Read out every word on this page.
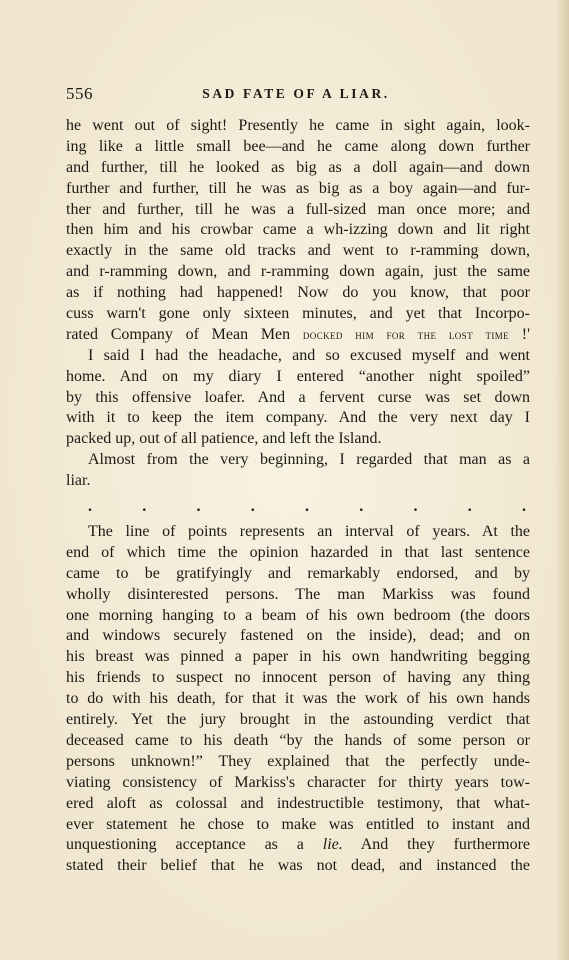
556	SAD FATE OF A LIAR.
he went out of sight! Presently he came in sight again, look-
ing like a little small bee—and he came along down further
and further, till he looked as big as a doll again—and down
further and further, till he was as big as a boy again—and fur-
ther and further, till he was a full-sized man once more; and
then him and his crowbar came a wh-izzing down and lit right
exactly in the same old tracks and went to r-ramming down,
and r-ramming down, and r-ramming down again, just the same
as if nothing had happened! Now do you know, that poor
cuss warn't gone only sixteen minutes, and yet that Incorpo-
rated Company of Mean Men docked him for the lost time !'
I said I had the headache, and so excused myself and went
home. And on my diary I entered “another night spoiled”
by this offensive loafer. And a fervent curse was set down
with it to keep the item company. And the very next day I
packed up, out of all patience, and left the Island.
Almost from the very beginning, I regarded that man as a
liar.
.	.	.	.	.	.	.	.	.
The line of points represents an interval of years. At the
end of which time the opinion hazarded in that last sentence
came to be gratifyingly and remarkably endorsed, and by
wholly disinterested persons. The man Markiss was found
one morning hanging to a beam of his own bedroom (the doors
and windows securely fastened on the inside), dead; and on
his breast was pinned a paper in his own handwriting begging
his friends to suspect no innocent person of having any thing
to do with his death, for that it was the work of his own hands
entirely. Yet the jury brought in the astounding verdict that
deceased came to his death “by the hands of some person or
persons unknown!” They explained that the perfectly unde-
viating consistency of Markiss's character for thirty years tow-
ered aloft as colossal and indestructible testimony, that what-
ever statement he chose to make was entitled to instant and
unquestioning acceptance as a lie. And they furthermore
stated their belief that he was not dead, and instanced the
